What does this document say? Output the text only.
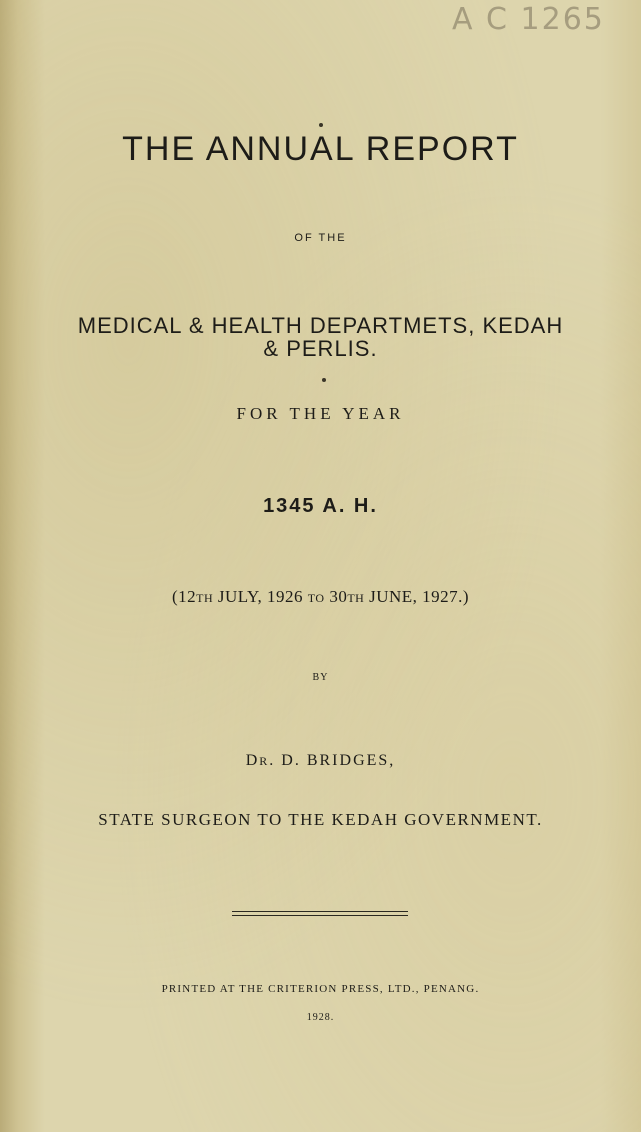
A C 1265
THE ANNUAL REPORT
OF THE
MEDICAL & HEALTH DEPARTMETS, KEDAH
& PERLIS.
FOR THE YEAR
1345 A. H.
(12TH JULY, 1926 TO 30TH JUNE, 1927.)
BY
DR. D. BRIDGES,
STATE SURGEON TO THE KEDAH GOVERNMENT.
PRINTED AT THE CRITERION PRESS, LTD., PENANG.
1928.
